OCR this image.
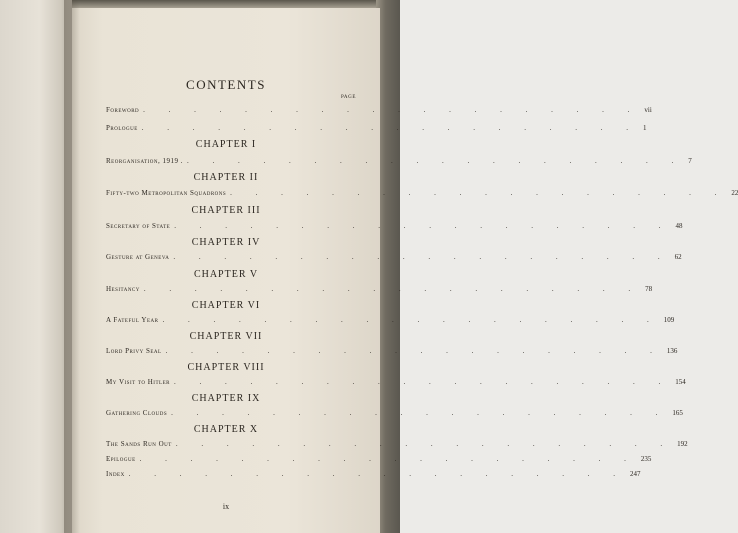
CONTENTS
PAGE
Foreword . . . . . . . . . . . . . . . . . . . . vii
Prologue . . . . . . . . . . . . . . . . . . . . 1
CHAPTER I
Reorganisation, 1919 . . . . . . . . . . . . . . . . . . . . . 7
CHAPTER II
Fifty-two Metropolitan Squadrons . . . . . . . . . . . . . . . . . . . . 22
CHAPTER III
Secretary of State . . . . . . . . . . . . . . . . . . . . 48
CHAPTER IV
Gesture at Geneva . . . . . . . . . . . . . . . . . . . . 62
CHAPTER V
Hesitancy . . . . . . . . . . . . . . . . . . . . 78
CHAPTER VI
A Fateful Year . . . . . . . . . . . . . . . . . . . . 109
CHAPTER VII
Lord Privy Seal . . . . . . . . . . . . . . . . . . . . 136
CHAPTER VIII
My Visit to Hitler . . . . . . . . . . . . . . . . . . . . 154
CHAPTER IX
Gathering Clouds . . . . . . . . . . . . . . . . . . . . 165
CHAPTER X
The Sands Run Out . . . . . . . . . . . . . . . . . . . . 192
Epilogue . . . . . . . . . . . . . . . . . . . . 235
Index . . . . . . . . . . . . . . . . . . . . 247
ix
